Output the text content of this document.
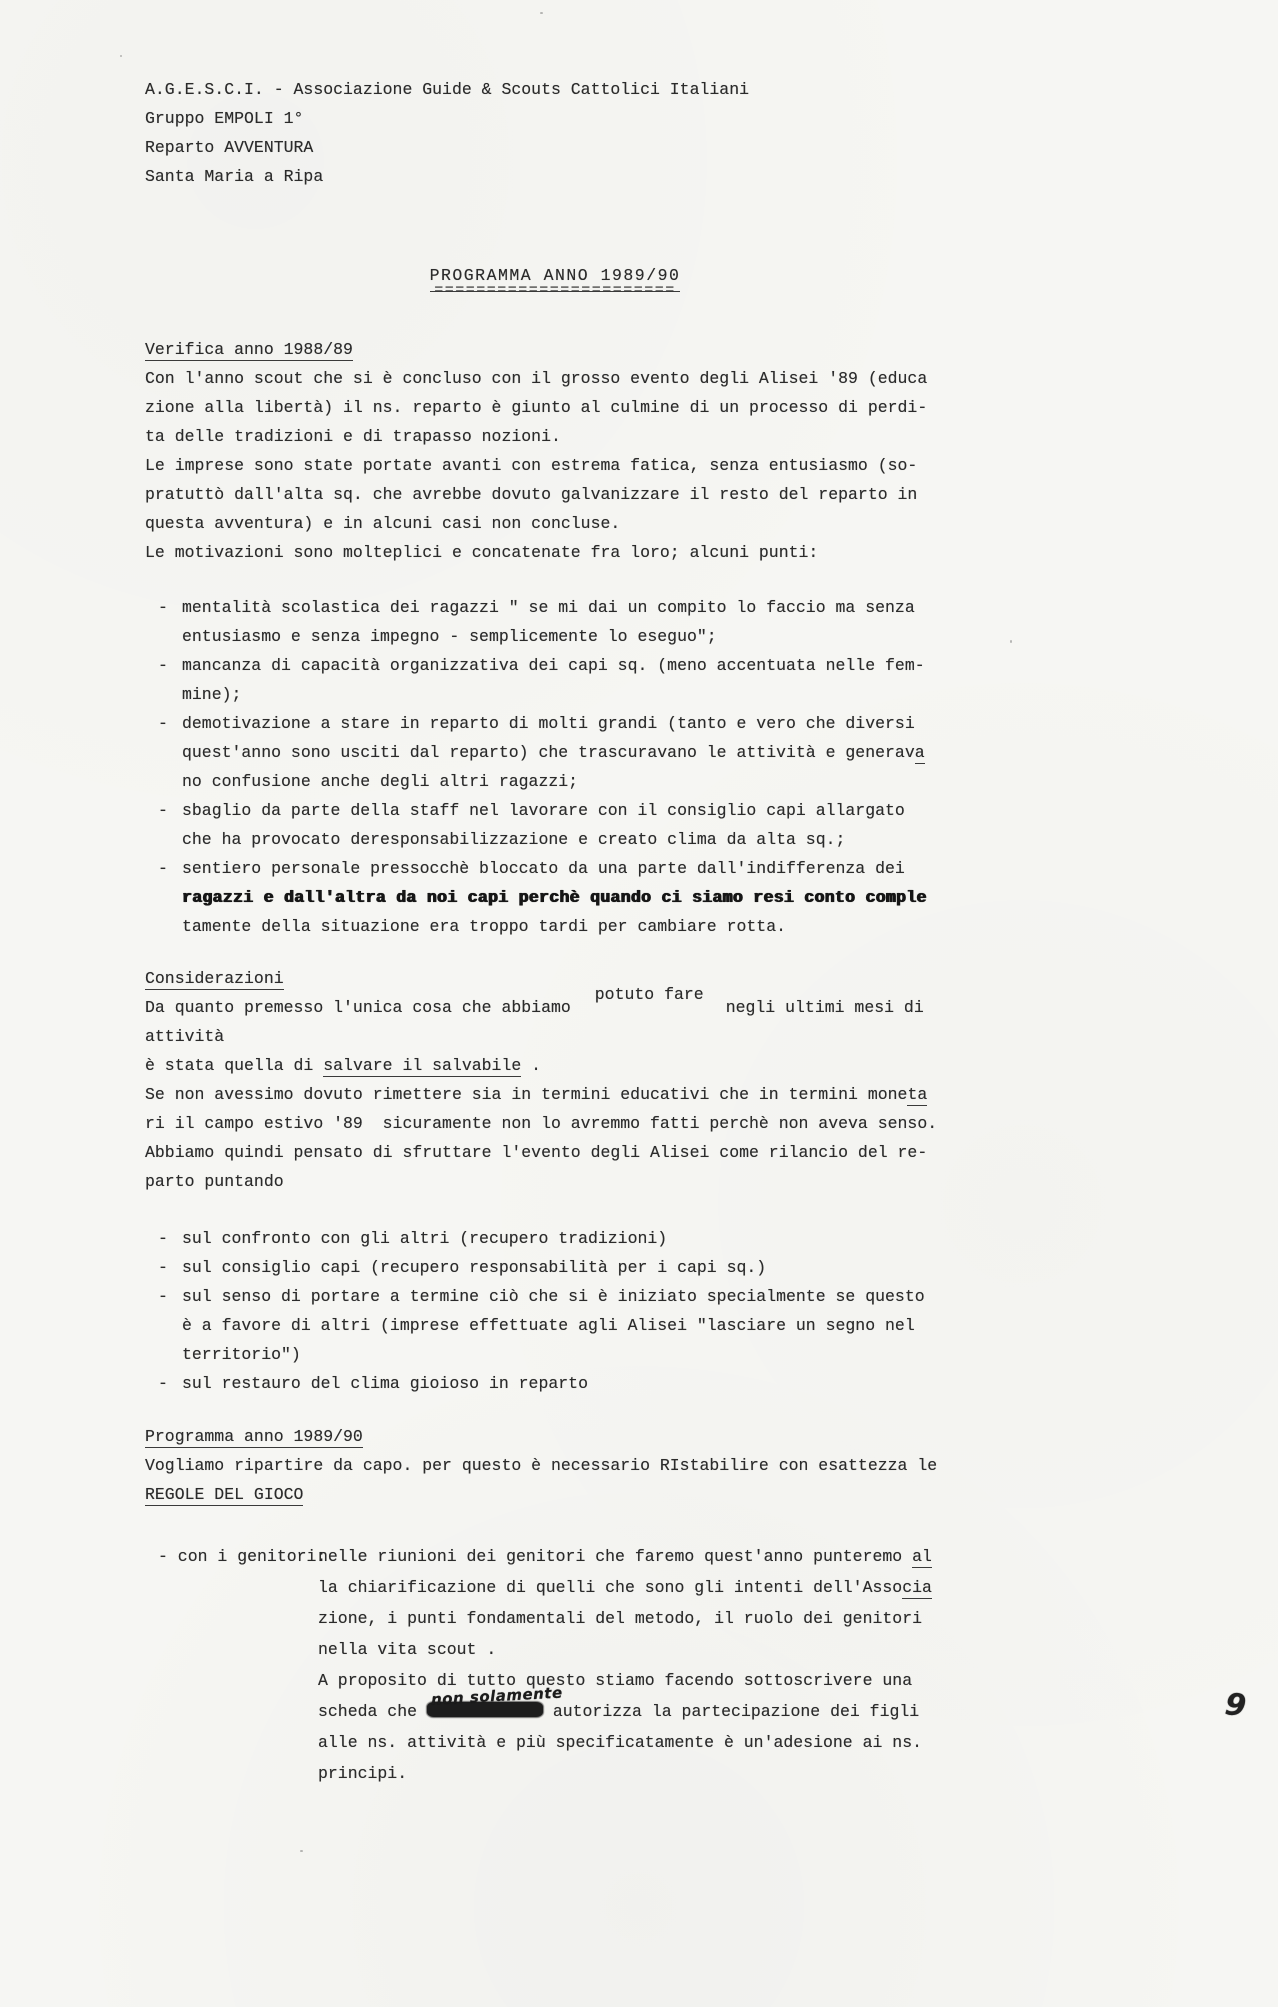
A.G.E.S.C.I. - Associazione Guide & Scouts Cattolici Italiani
Gruppo EMPOLI 1°
Reparto AVVENTURA
Santa Maria a Ripa
PROGRAMMA ANNO 1989/90
=======================
Verifica anno 1988/89
Con l'anno scout che si è concluso con il grosso evento degli Alisei '89 (educa
zione alla libertà) il ns. reparto è giunto al culmine di un processo di perdi-
ta delle tradizioni e di trapasso nozioni.
Le imprese sono state portate avanti con estrema fatica, senza entusiasmo (so-
pratuttò dall'alta sq. che avrebbe dovuto galvanizzare il resto del reparto in
questa avventura) e in alcuni casi non concluse.
Le motivazioni sono molteplici e concatenate fra loro; alcuni punti:
- mentalità scolastica dei ragazzi " se mi dai un compito lo faccio ma senza
entusiasmo e senza impegno - semplicemente lo eseguo";
- mancanza di capacità organizzativa dei capi sq. (meno accentuata nelle fem-
mine);
- demotivazione a stare in reparto di molti grandi (tanto e vero che diversi
quest'anno sono usciti dal reparto) che trascuravano le attività e generava
no confusione anche degli altri ragazzi;
- sbaglio da parte della staff nel lavorare con il consiglio capi allargato
che ha provocato deresponsabilizzazione e creato clima da alta sq.;
- sentiero personale pressocchè bloccato da una parte dall'indifferenza dei
ragazzi e dall'altra da noi capi perchè quando ci siamo resi conto comple
tamente della situazione era troppo tardi per cambiare rotta.
Considerazioni
Da quanto premesso l'unica cosa che abbiamopotuto farenegli ultimi mesi di attività
è stata quella di salvare il salvabile .
Se non avessimo dovuto rimettere sia in termini educativi che in termini moneta
ri il campo estivo '89  sicuramente non lo avremmo fatti perchè non aveva senso.
Abbiamo quindi pensato di sfruttare l'evento degli Alisei come rilancio del re-
parto puntando
- sul confronto con gli altri (recupero tradizioni)
- sul consiglio capi (recupero responsabilità per i capi sq.)
- sul senso di portare a termine ciò che si è iniziato specialmente se questo
è a favore di altri (imprese effettuate agli Alisei "lasciare un segno nel
territorio")
- sul restauro del clima gioioso in reparto
Programma anno 1989/90
Vogliamo ripartire da capo. per questo è necessario RIstabilire con esattezza le
REGOLE DEL GIOCO
- con i genitori:
nelle riunioni dei genitori che faremo quest'anno punteremo al
la chiarificazione di quelli che sono gli intenti dell'Associa
zione, i punti fondamentali del metodo, il ruolo dei genitori
nella vita scout .
A proposito di tutto questo stiamo facendo sottoscrivere una
scheda che
non solamente
autorizza la partecipazione dei figli
alle ns. attività e più specificatamente è un'adesione ai ns.
principi.
9
